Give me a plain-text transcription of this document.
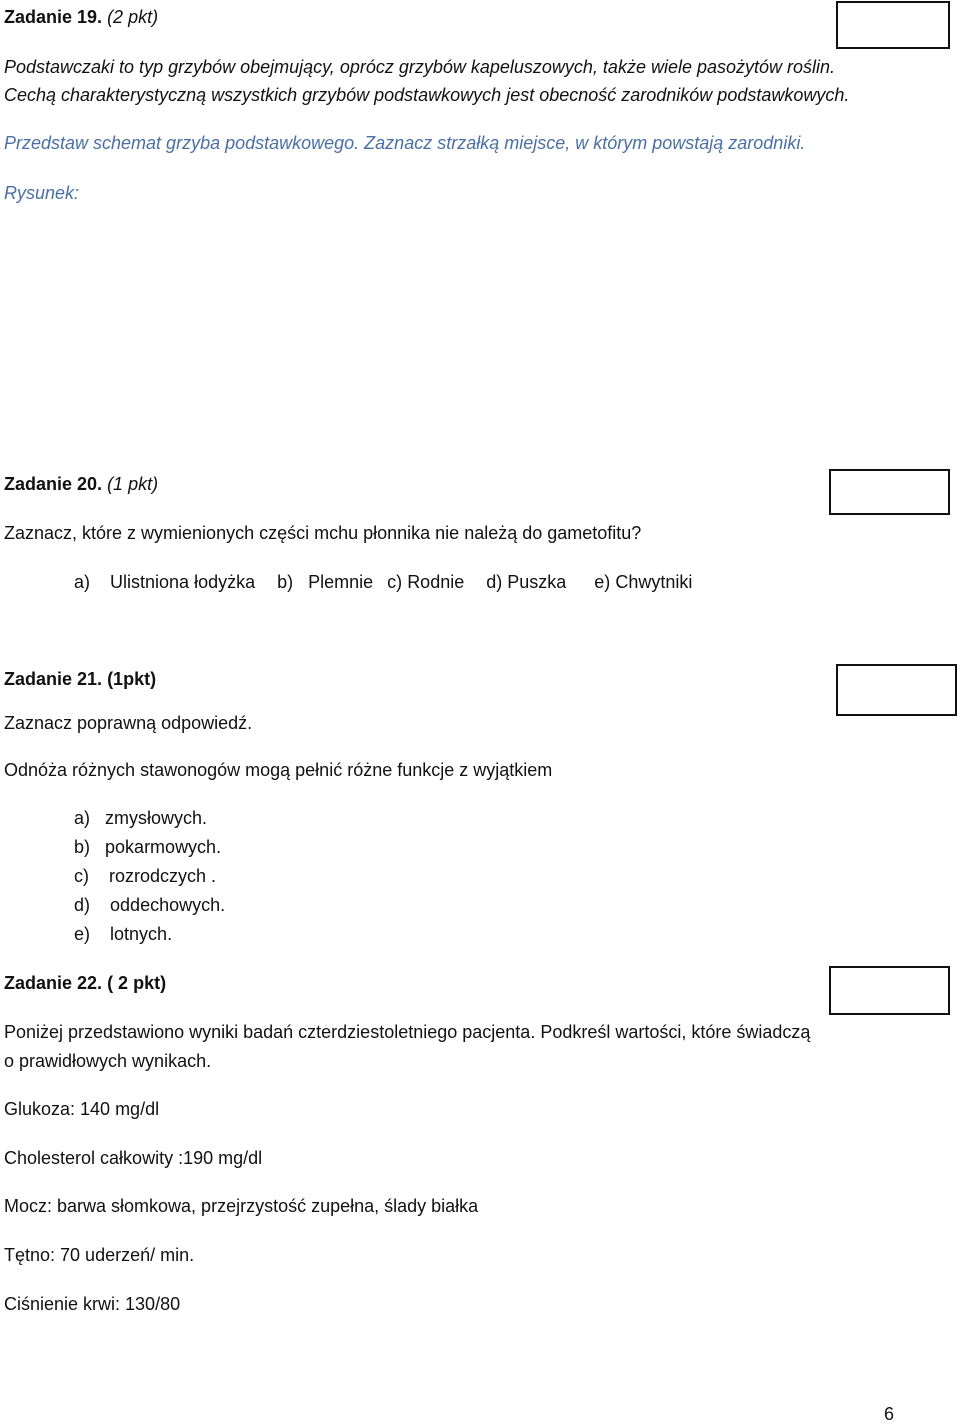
Zadanie 19. (2 pkt)
Podstawczaki to typ grzybów obejmujący, oprócz grzybów kapeluszowych, także wiele pasożytów roślin.
Cechą charakterystyczną wszystkich grzybów podstawkowych jest obecność zarodników podstawkowych.
Przedstaw schemat grzyba podstawkowego. Zaznacz strzałką miejsce, w którym powstają zarodniki.
Rysunek:
Zadanie 20. (1 pkt)
Zaznacz, które z wymienionych części mchu płonnika nie należą do gametofitu?
a) Ulistniona łodyżka b) Plemnie c) Rodnie d) Puszka e) Chwytniki
Zadanie 21. (1pkt)
Zaznacz poprawną odpowiedź.
Odnóża różnych stawonogów mogą pełnić różne funkcje z wyjątkiem
a) zmysłowych.
b) pokarmowych.
c) rozrodczych .
d) oddechowych.
e) lotnych.
Zadanie 22. ( 2 pkt)
Poniżej przedstawiono wyniki badań czterdziestoletniego pacjenta. Podkreśl wartości, które świadczą
o prawidłowych wynikach.
Glukoza: 140 mg/dl
Cholesterol całkowity :190 mg/dl
Mocz: barwa słomkowa, przejrzystość zupełna, ślady białka
Tętno: 70 uderzeń/ min.
Ciśnienie krwi: 130/80
6
